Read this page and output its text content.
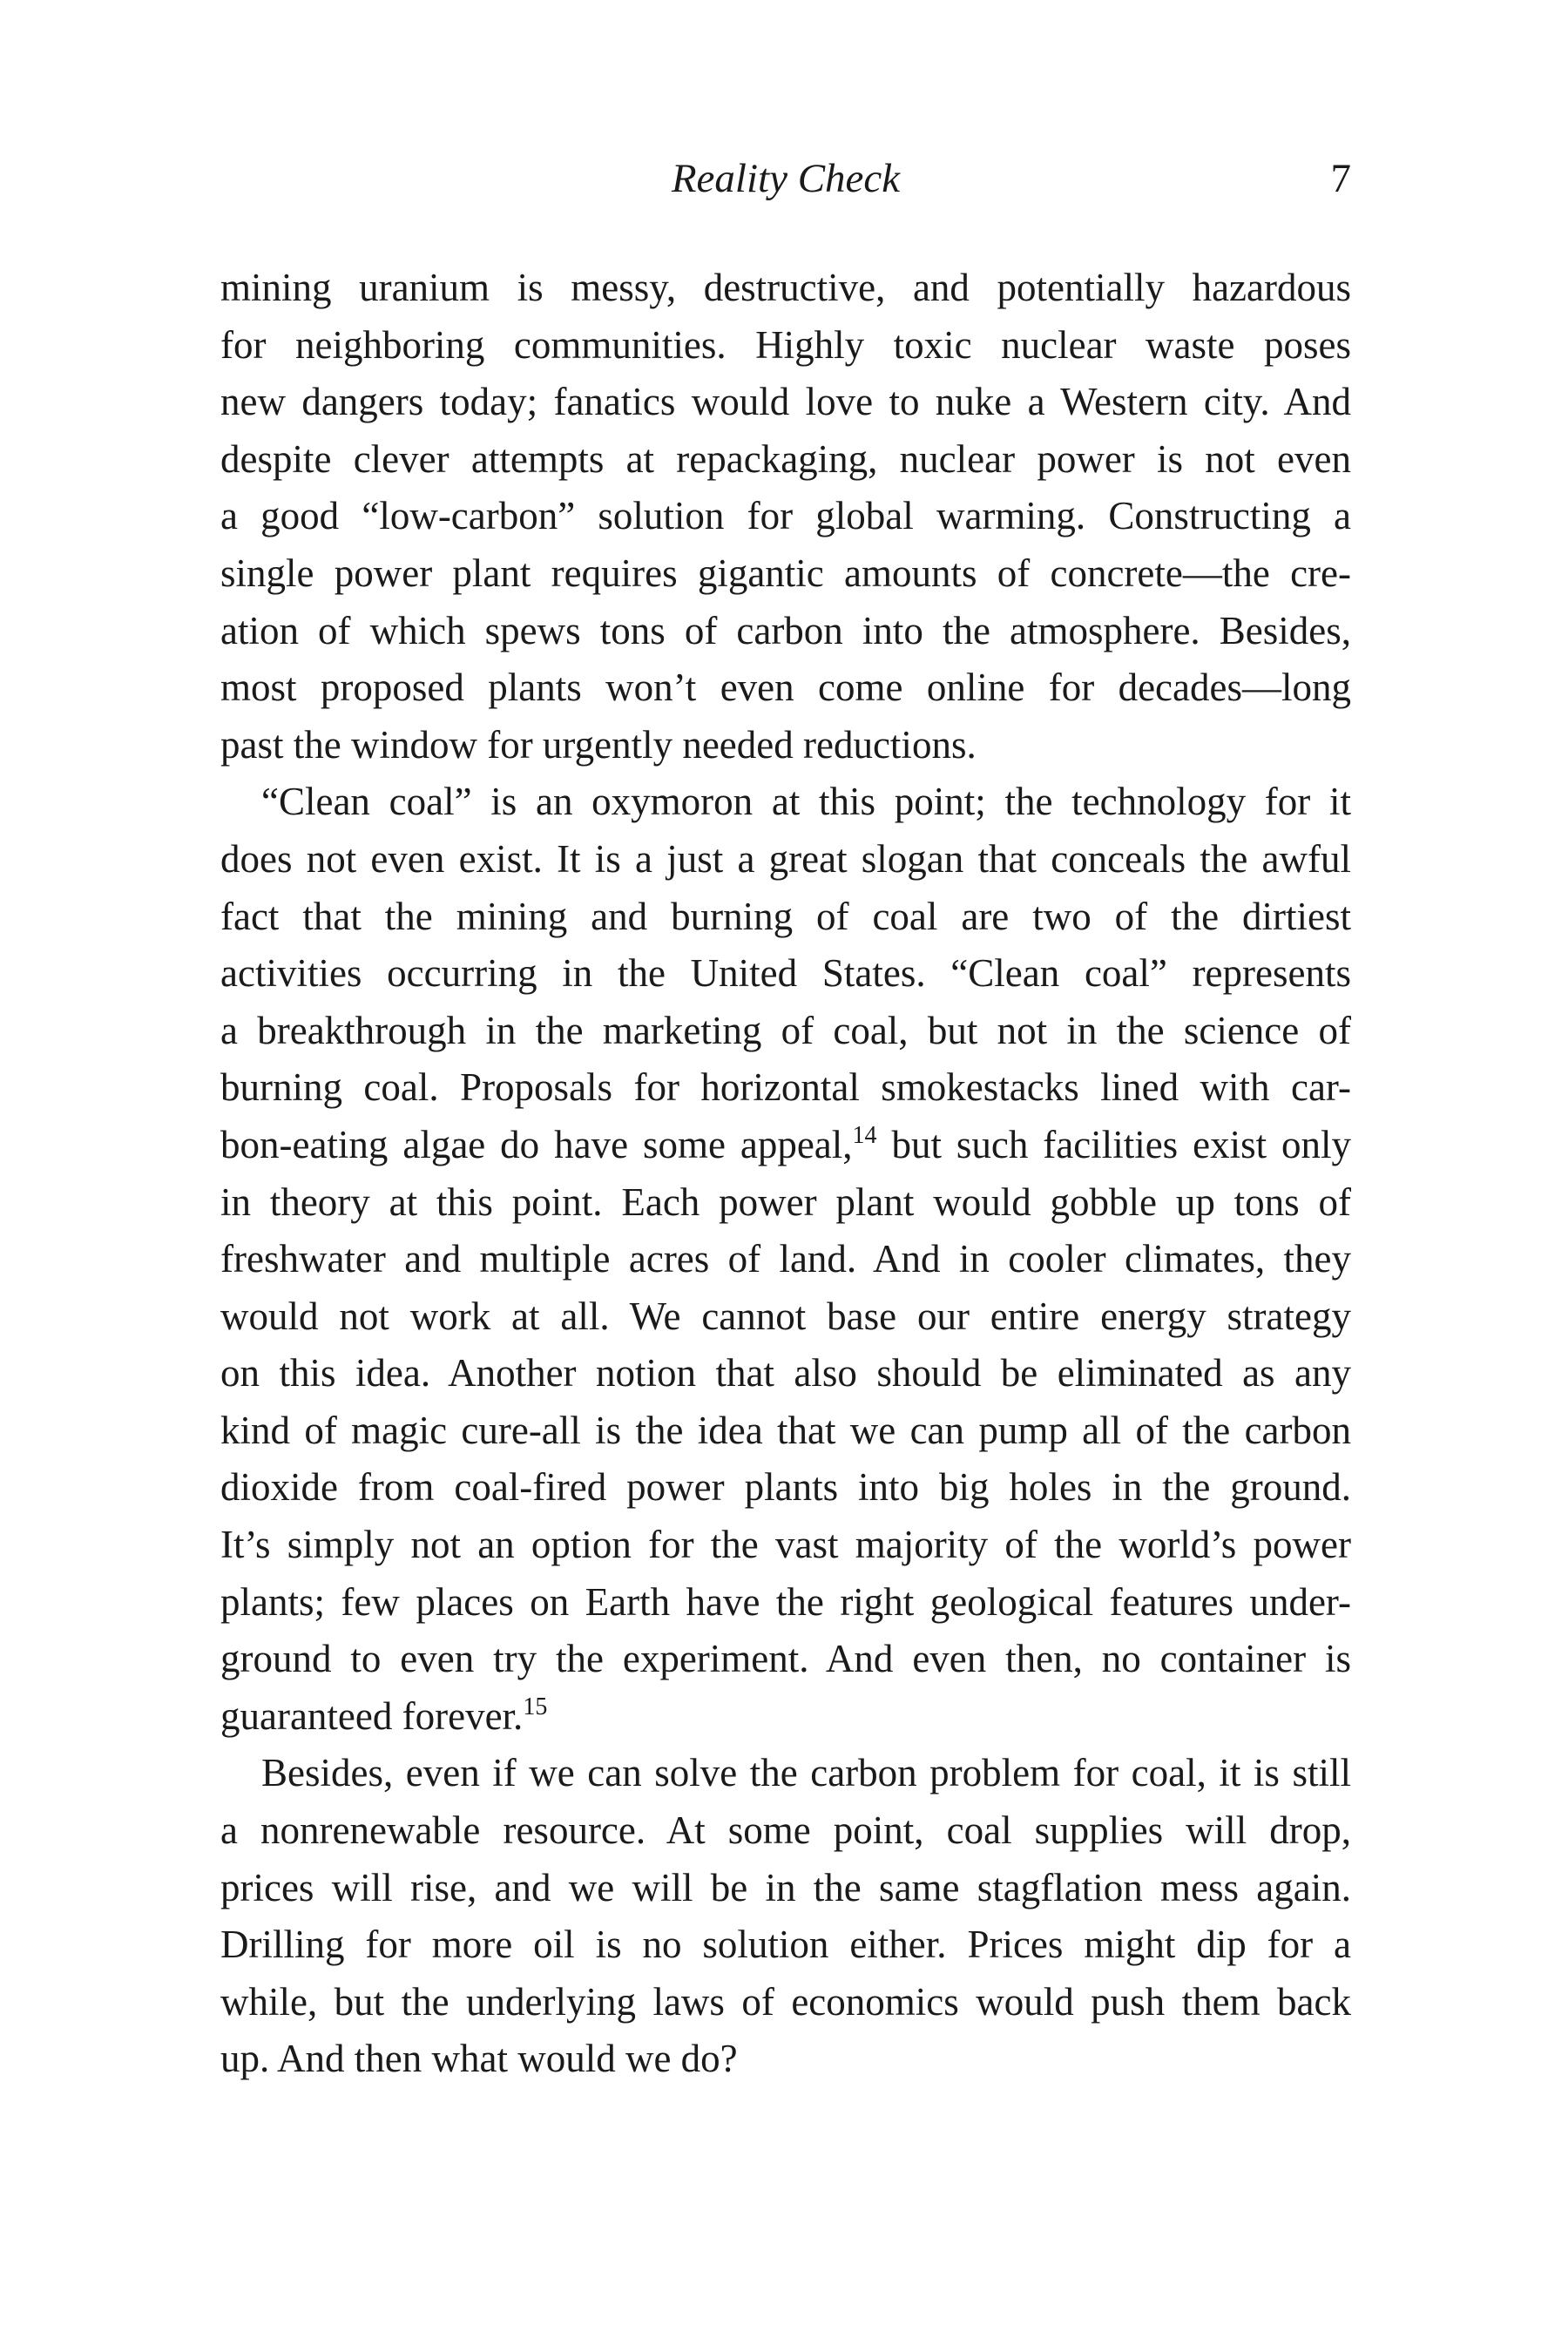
Reality Check	7
mining uranium is messy, destructive, and potentially hazardous
for neighboring communities. Highly toxic nuclear waste poses
new dangers today; fanatics would love to nuke a Western city. And
despite clever attempts at repackaging, nuclear power is not even
a good “low-carbon” solution for global warming. Constructing a
single power plant requires gigantic amounts of concrete—the cre-
ation of which spews tons of carbon into the atmosphere. Besides,
most proposed plants won’t even come online for decades—long
past the window for urgently needed reductions.
“Clean coal” is an oxymoron at this point; the technology for it
does not even exist. It is a just a great slogan that conceals the awful
fact that the mining and burning of coal are two of the dirtiest
activities occurring in the United States. “Clean coal” represents
a breakthrough in the marketing of coal, but not in the science of
burning coal. Proposals for horizontal smokestacks lined with car-
bon-eating algae do have some appeal,$^{14}$ but such facilities exist only
in theory at this point. Each power plant would gobble up tons of
freshwater and multiple acres of land. And in cooler climates, they
would not work at all. We cannot base our entire energy strategy
on this idea. Another notion that also should be eliminated as any
kind of magic cure-all is the idea that we can pump all of the carbon
dioxide from coal-fired power plants into big holes in the ground.
It’s simply not an option for the vast majority of the world’s power
plants; few places on Earth have the right geological features under-
ground to even try the experiment. And even then, no container is
guaranteed forever.$^{15}$
Besides, even if we can solve the carbon problem for coal, it is still
a nonrenewable resource. At some point, coal supplies will drop,
prices will rise, and we will be in the same stagflation mess again.
Drilling for more oil is no solution either. Prices might dip for a
while, but the underlying laws of economics would push them back
up. And then what would we do?
